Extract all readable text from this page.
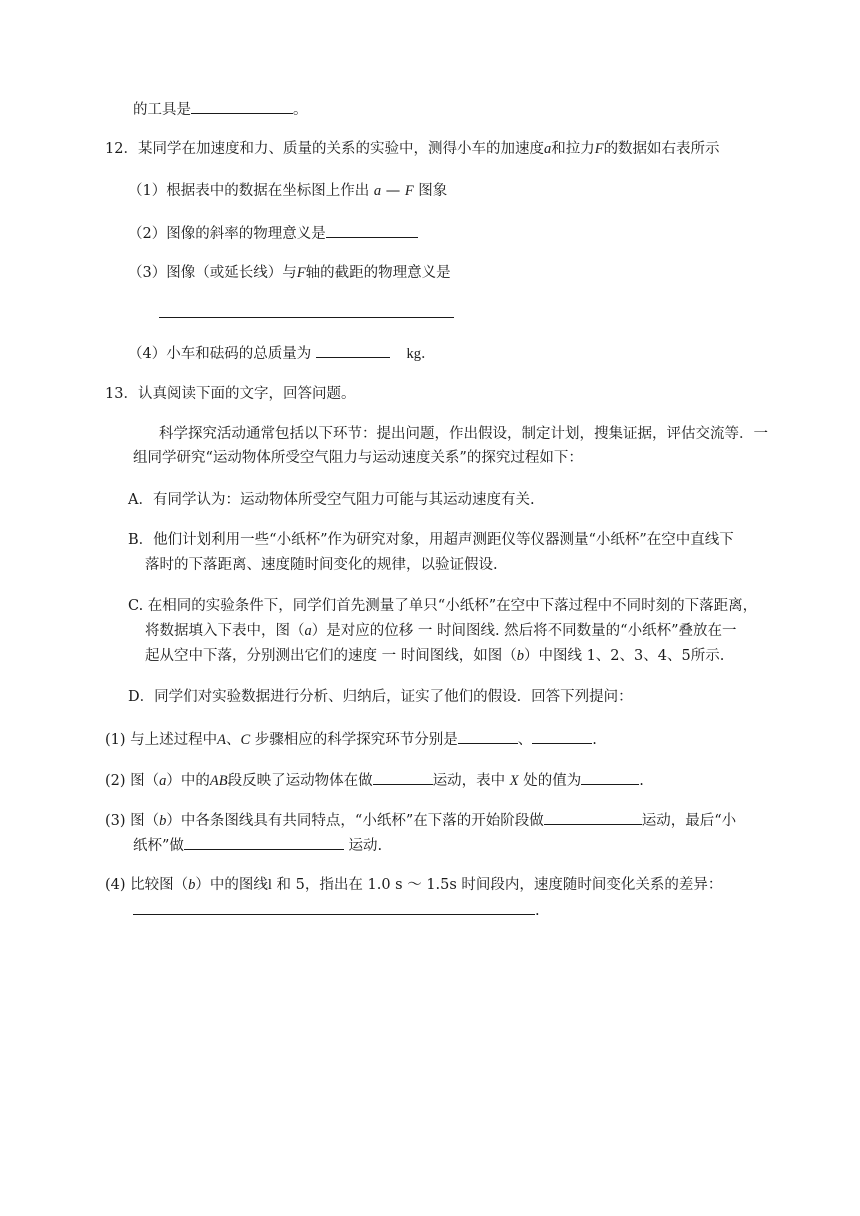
的工具是	。
12．某同学在加速度和力、质量的关系的实验中，测得小车的加速度a和拉力F的数据如右表所示
（1）根据表中的数据在坐标图上作出 a — F 图象
（2）图像的斜率的物理意义是
（3）图像（或延长线）与F轴的截距的物理意义是
（4）小车和砝码的总质量为	kg．
13．认真阅读下面的文字，回答问题。
科学探究活动通常包括以下环节：提出问题，作出假设，制定计划，搜集证据，评估交流等．一
组同学研究“运动物体所受空气阻力与运动速度关系”的探究过程如下：
A．有同学认为：运动物体所受空气阻力可能与其运动速度有关.
B．他们计划利用一些“小纸杯”作为研究对象，用超声测距仪等仪器测量“小纸杯”在空中直线下
落时的下落距离、速度随时间变化的规律，以验证假设.
C. 在相同的实验条件下，同学们首先测量了单只“小纸杯”在空中下落过程中不同时刻的下落距离，
将数据填入下表中，图（a）是对应的位移 一 时间图线. 然后将不同数量的“小纸杯”叠放在一
起从空中下落，分别测出它们的速度 一 时间图线，如图（b）中图线 1、2、3、4、5所示.
D．同学们对实验数据进行分析、归纳后，证实了他们的假设．回答下列提问：
(1) 与上述过程中A、C 步骤相应的科学探究环节分别是	、	.
(2) 图（a）中的AB段反映了运动物体在做	运动，表中 X 处的值为	.
(3) 图（b）中各条图线具有共同特点，“小纸杯”在下落的开始阶段做	运动，最后“小
纸杯”做	运动.
(4) 比较图（b）中的图线l 和 5，指出在 1.0 s ～ 1.5s 时间段内，速度随时间变化关系的差异：
.
